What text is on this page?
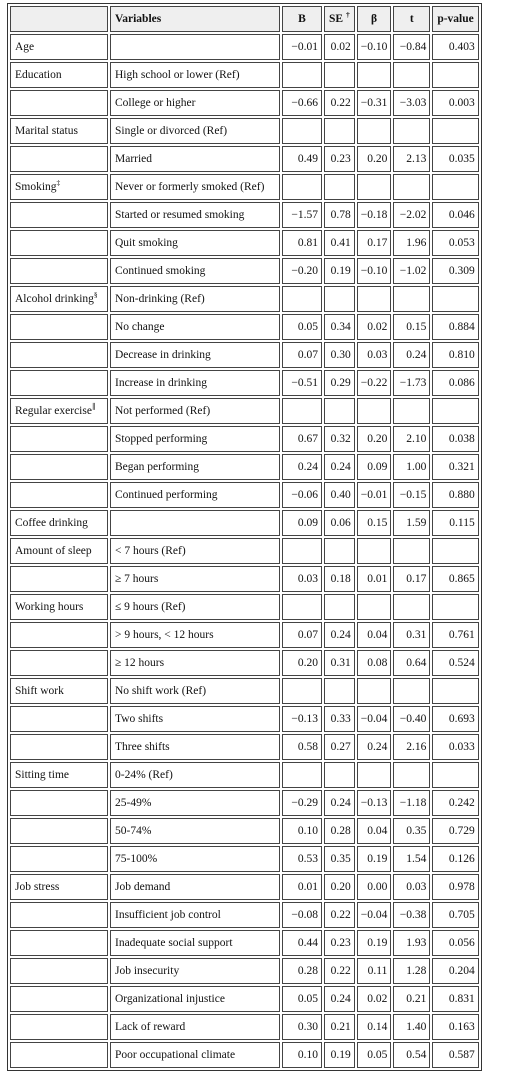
	Variables	B	SE †	β	t	p-value
Age		−0.01	0.02	−0.10	−0.84	0.403
Education	High school or lower (Ref)					
	College or higher	−0.66	0.22	−0.31	−3.03	0.003
Marital status	Single or divorced (Ref)					
	Married	0.49	0.23	0.20	2.13	0.035
Smoking‡	Never or formerly smoked (Ref)					
	Started or resumed smoking	−1.57	0.78	−0.18	−2.02	0.046
	Quit smoking	0.81	0.41	0.17	1.96	0.053
	Continued smoking	−0.20	0.19	−0.10	−1.02	0.309
Alcohol drinking§	Non-drinking (Ref)					
	No change	0.05	0.34	0.02	0.15	0.884
	Decrease in drinking	0.07	0.30	0.03	0.24	0.810
	Increase in drinking	−0.51	0.29	−0.22	−1.73	0.086
Regular exercise∥	Not performed (Ref)					
	Stopped performing	0.67	0.32	0.20	2.10	0.038
	Began performing	0.24	0.24	0.09	1.00	0.321
	Continued performing	−0.06	0.40	−0.01	−0.15	0.880
Coffee drinking		0.09	0.06	0.15	1.59	0.115
Amount of sleep	< 7 hours (Ref)					
	≥ 7 hours	0.03	0.18	0.01	0.17	0.865
Working hours	≤ 9 hours (Ref)					
	> 9 hours, < 12 hours	0.07	0.24	0.04	0.31	0.761
	≥ 12 hours	0.20	0.31	0.08	0.64	0.524
Shift work	No shift work (Ref)					
	Two shifts	−0.13	0.33	−0.04	−0.40	0.693
	Three shifts	0.58	0.27	0.24	2.16	0.033
Sitting time	0-24% (Ref)					
	25-49%	−0.29	0.24	−0.13	−1.18	0.242
	50-74%	0.10	0.28	0.04	0.35	0.729
	75-100%	0.53	0.35	0.19	1.54	0.126
Job stress	Job demand	0.01	0.20	0.00	0.03	0.978
	Insufficient job control	−0.08	0.22	−0.04	−0.38	0.705
	Inadequate social support	0.44	0.23	0.19	1.93	0.056
	Job insecurity	0.28	0.22	0.11	1.28	0.204
	Organizational injustice	0.05	0.24	0.02	0.21	0.831
	Lack of reward	0.30	0.21	0.14	1.40	0.163
	Poor occupational climate	0.10	0.19	0.05	0.54	0.587
